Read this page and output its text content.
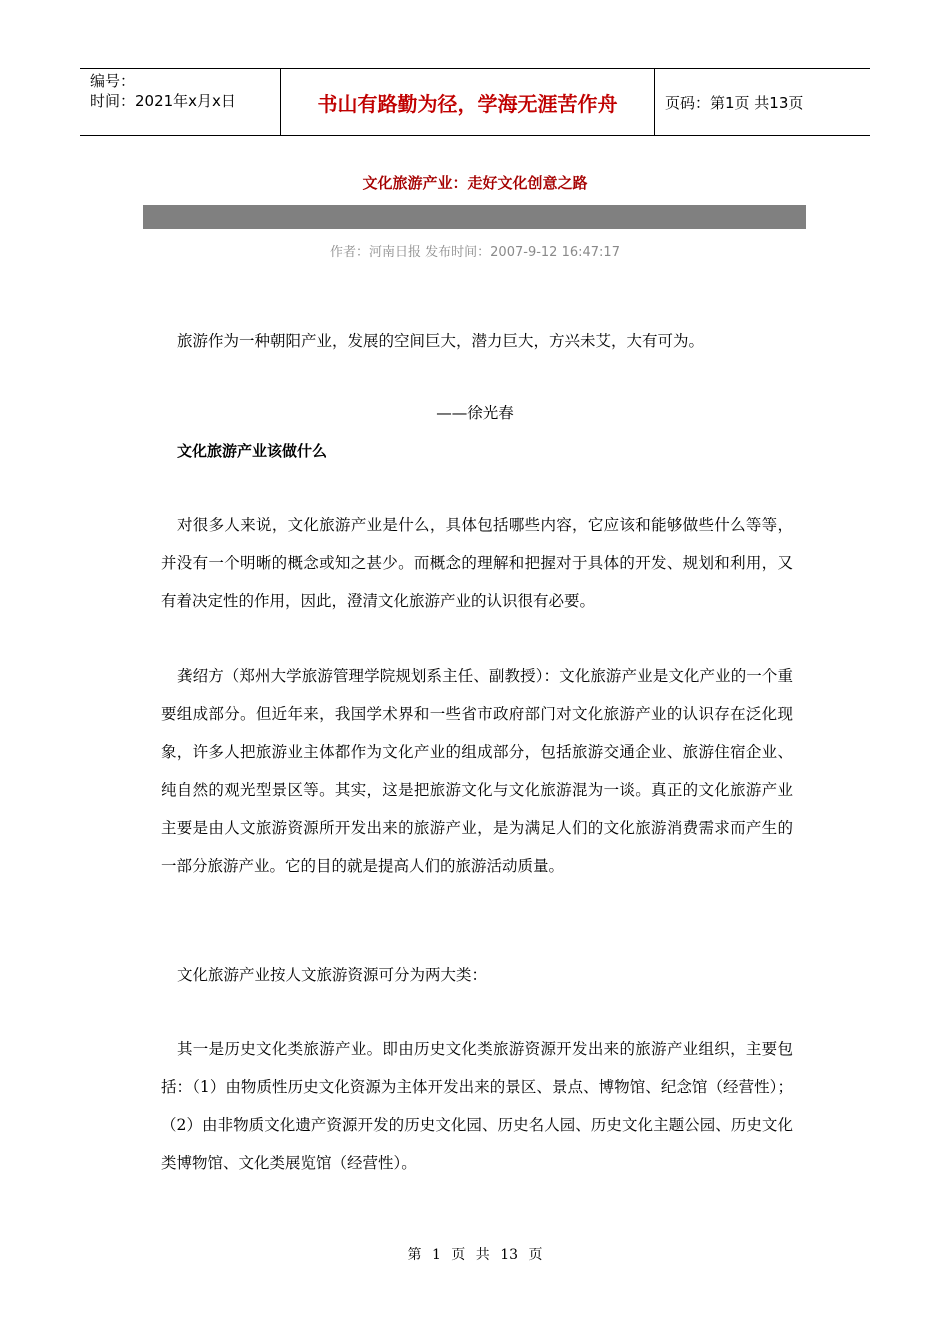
编号：
时间：2021年x月x日	书山有路勤为径，学海无涯苦作舟	页码：第1页 共13页
文化旅游产业：走好文化创意之路
作者：河南日报 发布时间：2007-9-12 16:47:17

旅游作为一种朝阳产业，发展的空间巨大，潜力巨大，方兴未艾，大有可为。

——徐光春
文化旅游产业该做什么

对很多人来说，文化旅游产业是什么，具体包括哪些内容，它应该和能够做些什么等等，并没有一个明晰的概念或知之甚少。而概念的理解和把握对于具体的开发、规划和利用，又有着决定性的作用，因此，澄清文化旅游产业的认识很有必要。

龚绍方（郑州大学旅游管理学院规划系主任、副教授）：文化旅游产业是文化产业的一个重要组成部分。但近年来，我国学术界和一些省市政府部门对文化旅游产业的认识存在泛化现象，许多人把旅游业主体都作为文化产业的组成部分，包括旅游交通企业、旅游住宿企业、纯自然的观光型景区等。其实，这是把旅游文化与文化旅游混为一谈。真正的文化旅游产业主要是由人文旅游资源所开发出来的旅游产业，是为满足人们的文化旅游消费需求而产生的一部分旅游产业。它的目的就是提高人们的旅游活动质量。

文化旅游产业按人文旅游资源可分为两大类：

其一是历史文化类旅游产业。即由历史文化类旅游资源开发出来的旅游产业组织，主要包括：（1）由物质性历史文化资源为主体开发出来的景区、景点、博物馆、纪念馆（经营性）；（2）由非物质文化遗产资源开发的历史文化园、历史名人园、历史文化主题公园、历史文化类博物馆、文化类展览馆（经营性）。

第 1 页 共 13 页
